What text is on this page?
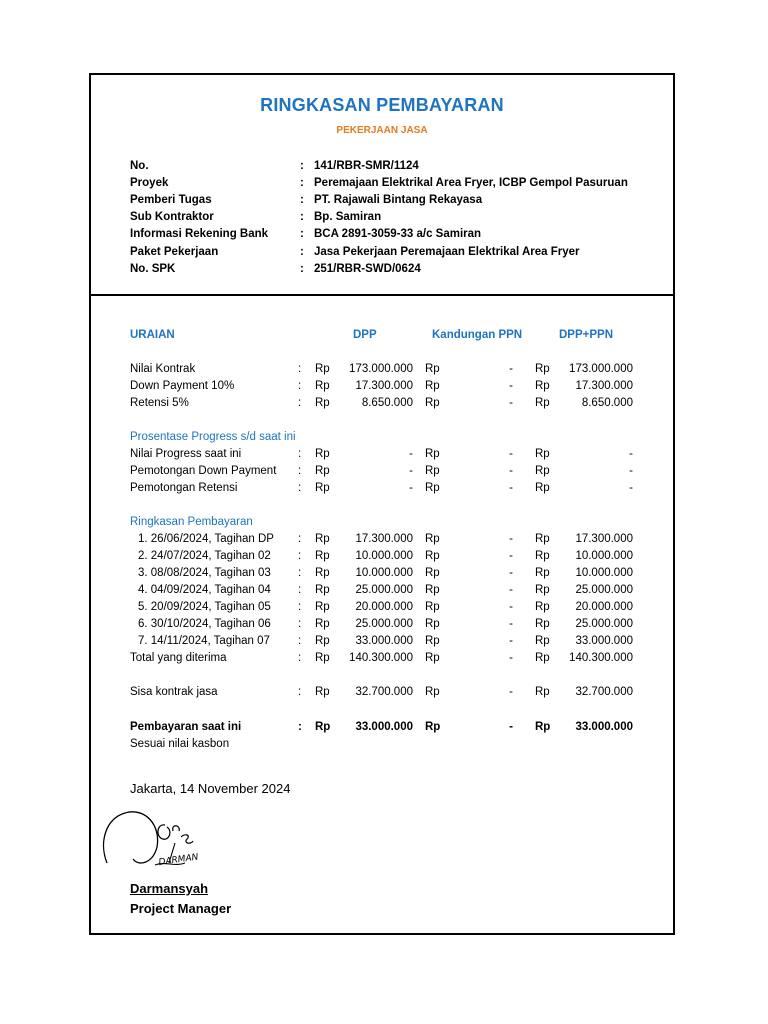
RINGKASAN PEMBAYARAN
PEKERJAAN JASA
No.	: 141/RBR-SMR/1124
Proyek	: Peremajaan Elektrikal Area Fryer, ICBP Gempol Pasuruan
Pemberi Tugas	: PT. Rajawali Bintang Rekayasa
Sub Kontraktor	: Bp. Samiran
Informasi Rekening Bank	: BCA 2891-3059-33 a/c Samiran
Paket Pekerjaan	: Jasa Pekerjaan Peremajaan Elektrikal Area Fryer
No. SPK	: 251/RBR-SWD/0624
URAIAN	DPP	Kandungan PPN	DPP+PPN
Nilai Kontrak	: Rp	173.000.000 Rp	- Rp	173.000.000
Down Payment 10%	: Rp	17.300.000 Rp	- Rp	17.300.000
Retensi 5%	: Rp	8.650.000 Rp	- Rp	8.650.000
Prosentase Progress s/d saat ini
Nilai Progress saat ini	: Rp	- Rp	- Rp	-
Pemotongan Down Payment : Rp	- Rp	- Rp	-
Pemotongan Retensi	: Rp	- Rp	- Rp	-
Ringkasan Pembayaran
1. 26/06/2024, Tagihan DP : Rp	17.300.000 Rp	- Rp	17.300.000
2. 24/07/2024, Tagihan 02 : Rp	10.000.000 Rp	- Rp	10.000.000
3. 08/08/2024, Tagihan 03 : Rp	10.000.000 Rp	- Rp	10.000.000
4. 04/09/2024, Tagihan 04 : Rp	25.000.000 Rp	- Rp	25.000.000
5. 20/09/2024, Tagihan 05 : Rp	20.000.000 Rp	- Rp	20.000.000
6. 30/10/2024, Tagihan 06 : Rp	25.000.000 Rp	- Rp	25.000.000
7. 14/11/2024, Tagihan 07 : Rp	33.000.000 Rp	- Rp	33.000.000
Total yang diterima	: Rp	140.300.000 Rp	- Rp	140.300.000
Sisa kontrak jasa	: Rp	32.700.000 Rp	- Rp	32.700.000
Pembayaran saat ini	: Rp	33.000.000 Rp	- Rp	33.000.000
Sesuai nilai kasbon
Jakarta, 14 November 2024
DARMAN
Darmansyah
Project Manager
